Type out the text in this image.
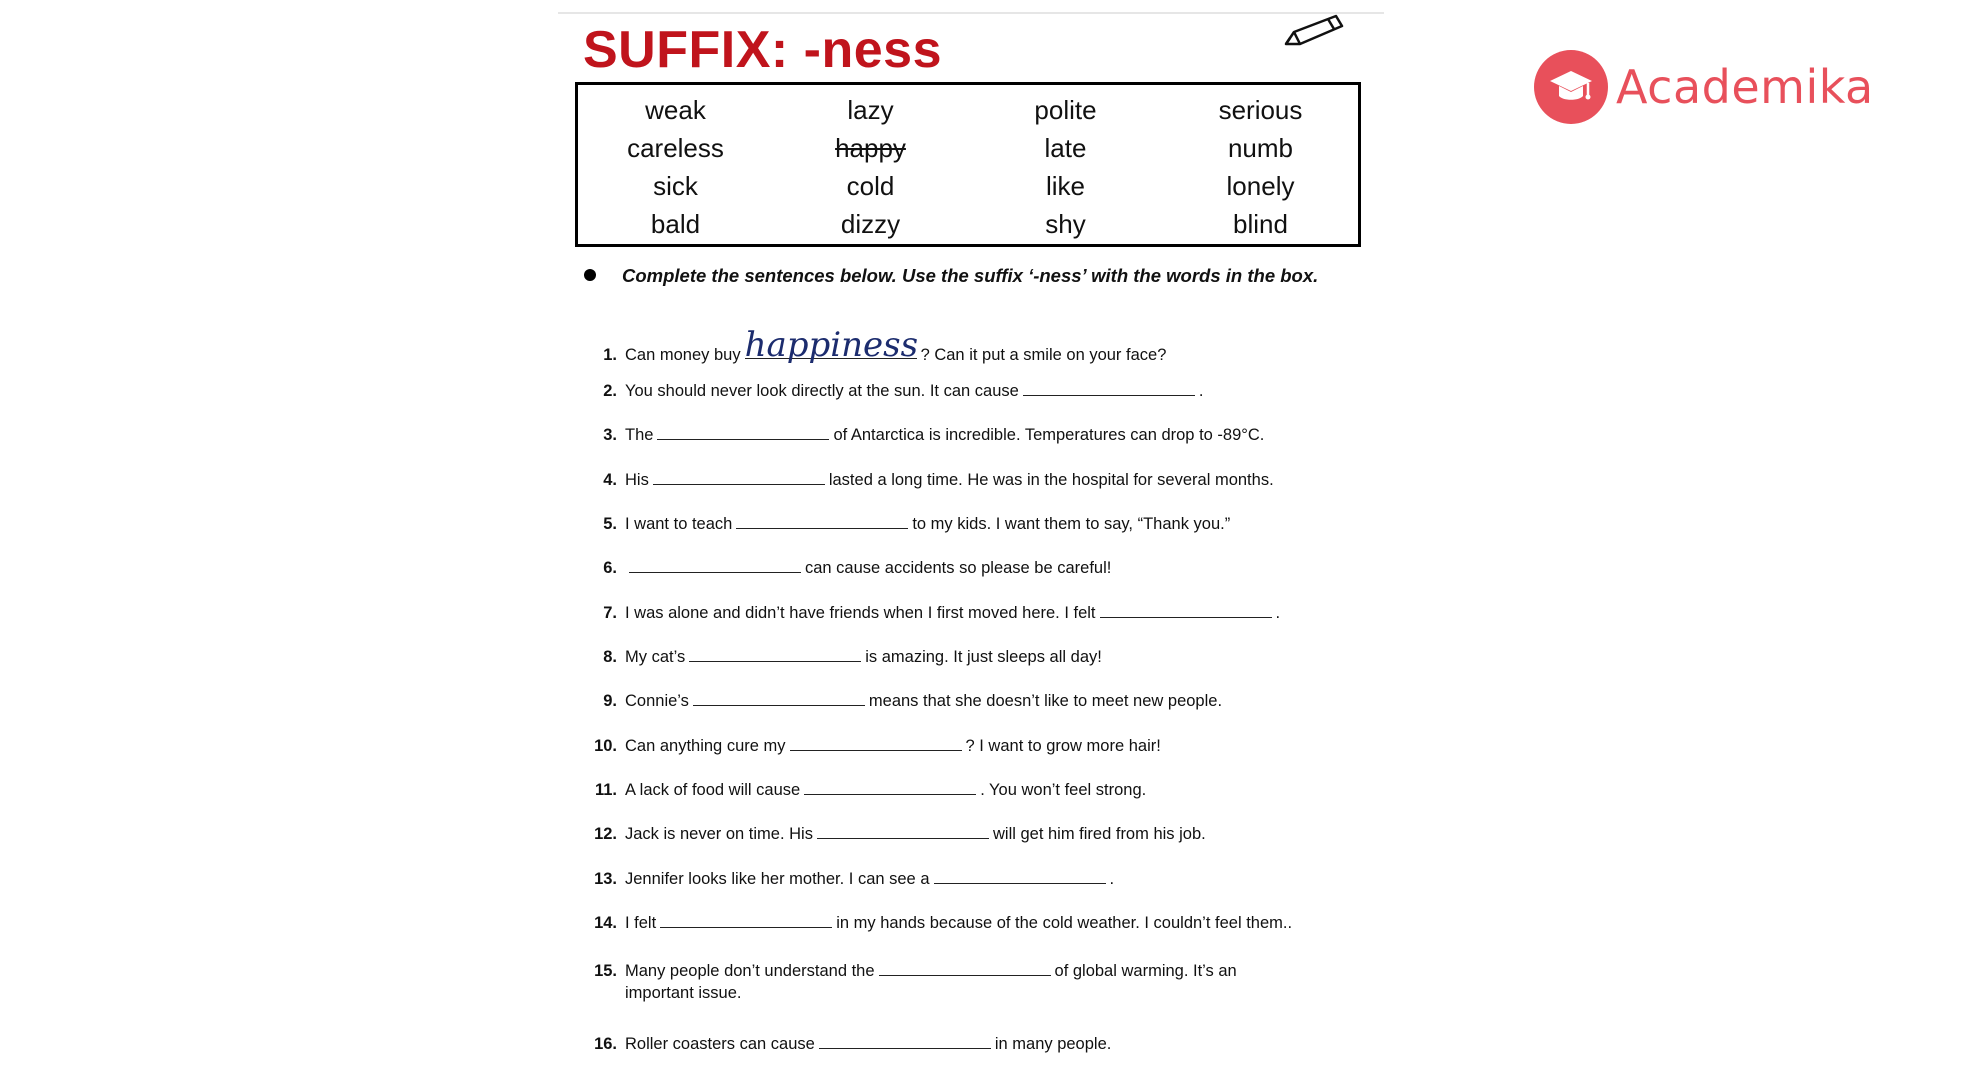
SUFFIX: -ness
weak	lazy	polite	serious
careless	happy	late	numb
sick	cold	like	lonely
bald	dizzy	shy	blind
Complete the sentences below. Use the suffix ‘-ness’ with the words in the box.
1. Can money buy happiness ? Can it put a smile on your face?
2. You should never look directly at the sun. It can cause	.
3. The	of Antarctica is incredible. Temperatures can drop to -89°C.
4. His	lasted a long time. He was in the hospital for several months.
5. I want to teach	to my kids. I want them to say, “Thank you.”
6.	can cause accidents so please be careful!
7. I was alone and didn’t have friends when I first moved here. I felt	.
8. My cat’s	is amazing. It just sleeps all day!
9. Connie’s	means that she doesn’t like to meet new people.
10. Can anything cure my	? I want to grow more hair!
11. A lack of food will cause	. You won’t feel strong.
12. Jack is never on time. His	will get him fired from his job.
13. Jennifer looks like her mother. I can see a	.
14. I felt	in my hands because of the cold weather. I couldn’t feel them..
15. Many people don’t understand the	of global warming. It’s an
important issue.
16. Roller coasters can cause	in many people.
Academika
